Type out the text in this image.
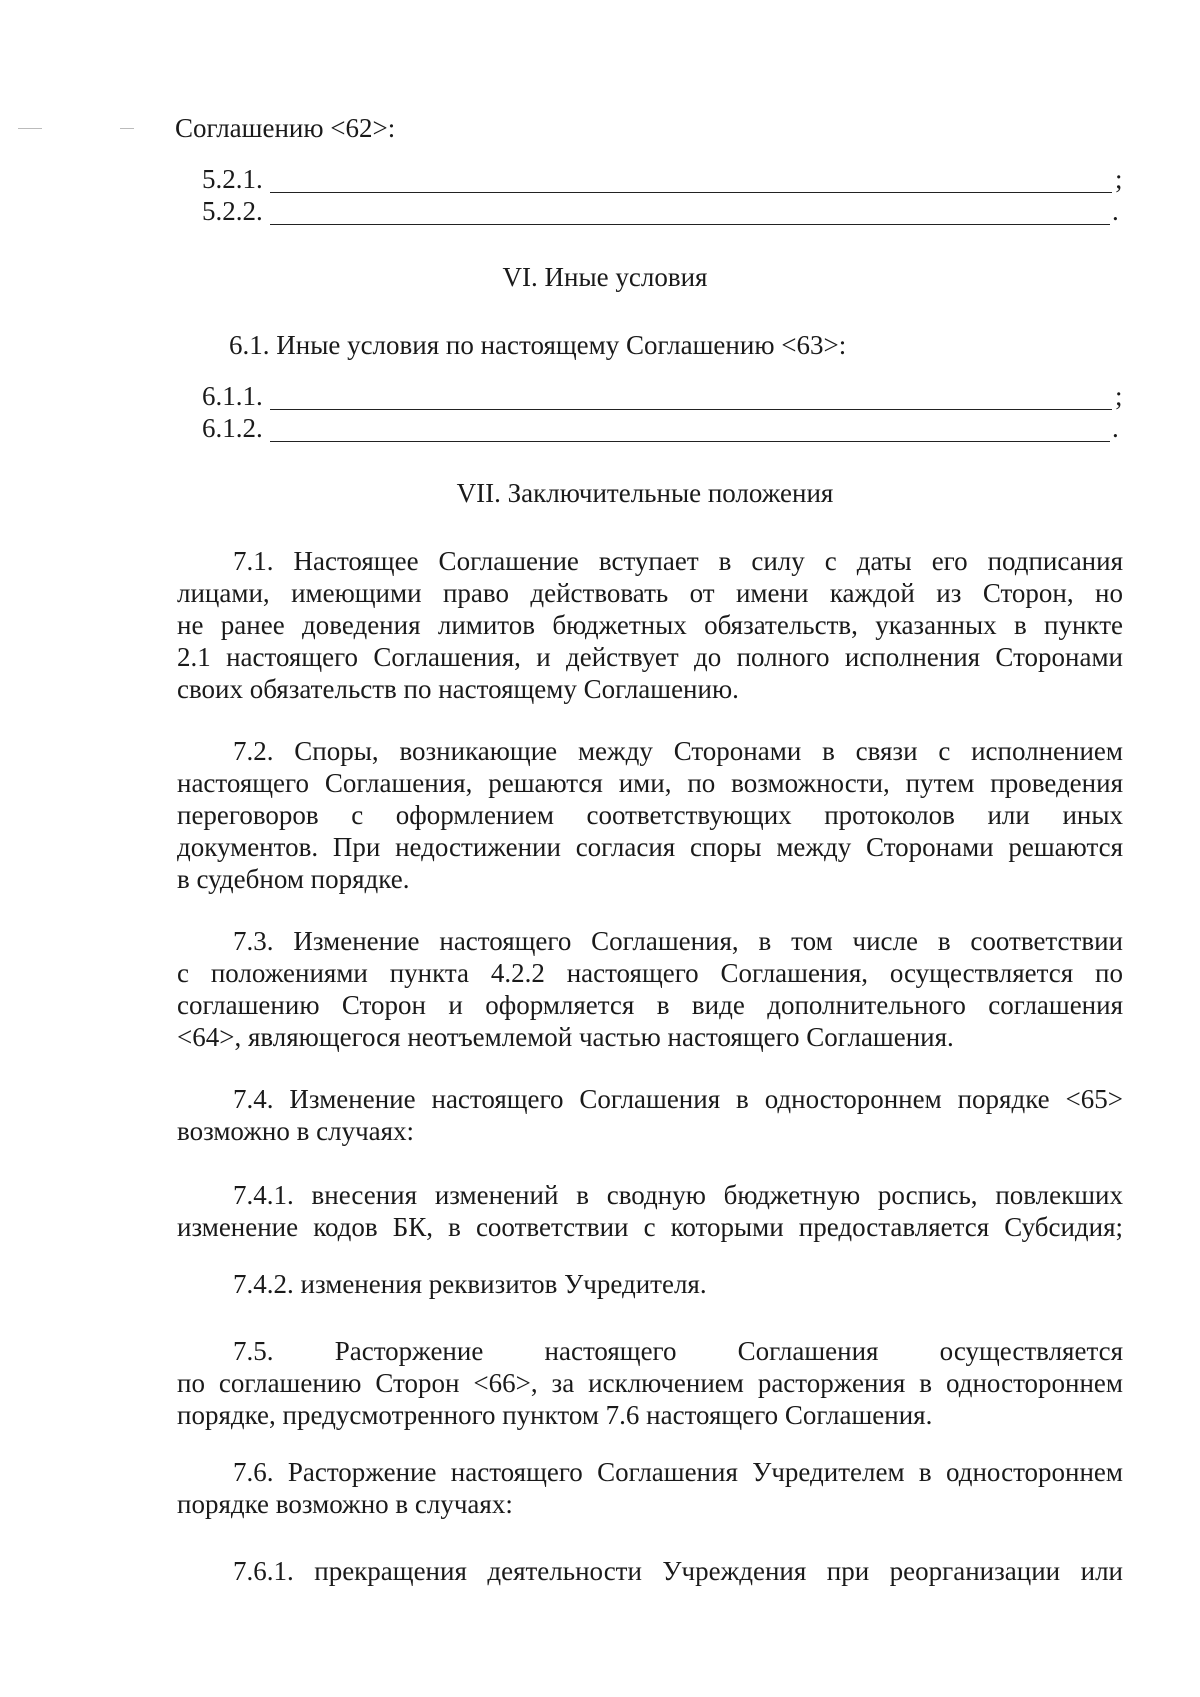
Соглашению <62>:
5.2.1.	;
5.2.2.	.
VI. Иные условия
6.1. Иные условия по настоящему Соглашению <63>:
6.1.1.	;
6.1.2.	.
VII. Заключительные положения
7.1. Настоящее Соглашение вступает в силу с даты его подписания
лицами, имеющими право действовать от имени каждой из Сторон, но
не ранее доведения лимитов бюджетных обязательств, указанных в пункте
2.1 настоящего Соглашения, и действует до полного исполнения Сторонами
своих обязательств по настоящему Соглашению.
7.2. Споры, возникающие между Сторонами в связи с исполнением
настоящего Соглашения, решаются ими, по возможности, путем проведения
переговоров с оформлением соответствующих протоколов или иных
документов. При недостижении согласия споры между Сторонами решаются
в судебном порядке.
7.3. Изменение настоящего Соглашения, в том числе в соответствии
с положениями пункта 4.2.2 настоящего Соглашения, осуществляется по
соглашению Сторон и оформляется в виде дополнительного соглашения
<64>, являющегося неотъемлемой частью настоящего Соглашения.
7.4. Изменение настоящего Соглашения в одностороннем порядке <65>
возможно в случаях:
7.4.1. внесения изменений в сводную бюджетную роспись, повлекших
изменение кодов БК, в соответствии с которыми предоставляется Субсидия;
7.4.2. изменения реквизитов Учредителя.
7.5. Расторжение настоящего Соглашения осуществляется
по соглашению Сторон <66>, за исключением расторжения в одностороннем
порядке, предусмотренного пунктом 7.6 настоящего Соглашения.
7.6. Расторжение настоящего Соглашения Учредителем в одностороннем
порядке возможно в случаях:
7.6.1. прекращения деятельности Учреждения при реорганизации или
